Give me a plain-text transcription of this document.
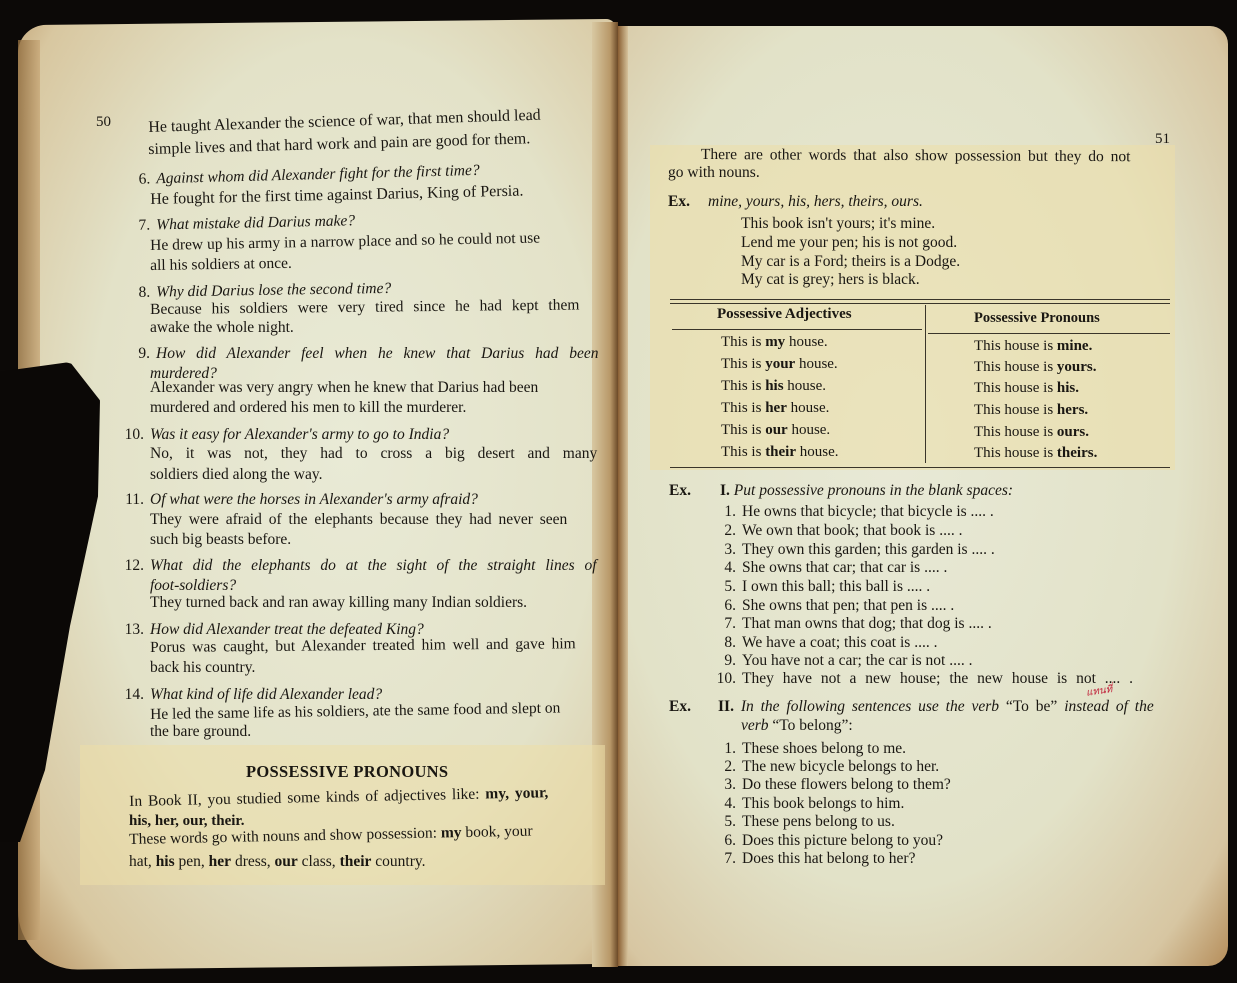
50 He taught Alexander the science of war, that men should lead
simple lives and that hard work and pain are good for them.
6. Against whom did Alexander fight for the first time?
He fought for the first time against Darius, King of Persia.
7. What mistake did Darius make?
He drew up his army in a narrow place and so he could not use
all his soldiers at once.
8. Why did Darius lose the second time?
Because his soldiers were very tired since he had kept them
awake the whole night.
9. How did Alexander feel when he knew that Darius had been
murdered?
Alexander was very angry when he knew that Darius had been
murdered and ordered his men to kill the murderer.
10. Was it easy for Alexander's army to go to India?
No, it was not, they had to cross a big desert and many
soldiers died along the way.
11. Of what were the horses in Alexander's army afraid?
They were afraid of the elephants because they had never seen
such big beasts before.
12. What did the elephants do at the sight of the straight lines of
foot-soldiers?
They turned back and ran away killing many Indian soldiers.
13. How did Alexander treat the defeated King?
Porus was caught, but Alexander treated him well and gave him
back his country.
14. What kind of life did Alexander lead?
He led the same life as his soldiers, ate the same food and slept on
the bare ground.
POSSESSIVE PRONOUNS
In Book II, you studied some kinds of adjectives like: my, your,
his, her, our, their.
These words go with nouns and show possession: my book, your
hat, his pen, her dress, our class, their country.
51
There are other words that also show possession but they do not
go with nouns.
Ex. mine, yours, his, hers, theirs, ours.
This book isn't yours; it's mine.
Lend me your pen; his is not good.
My car is a Ford; theirs is a Dodge.
My cat is grey; hers is black.
Possessive Adjectives	Possessive Pronouns
This is my house.	This house is mine.
This is your house.	This house is yours.
This is his house.	This house is his.
This is her house.	This house is hers.
This is our house.	This house is ours.
This is their house.	This house is theirs.
Ex. I. Put possessive pronouns in the blank spaces:
1. He owns that bicycle; that bicycle is .... .
2. We own that book; that book is .... .
3. They own this garden; this garden is .... .
4. She owns that car; that car is .... .
5. I own this ball; this ball is .... .
6. She owns that pen; that pen is .... .
7. That man owns that dog; that dog is .... .
8. We have a coat; this coat is .... .
9. You have not a car; the car is not .... .
10. They have not a new house; the new house is not .... .
แทนที่
Ex. II. In the following sentences use the verb “To be” instead of the
verb “To belong”:
1. These shoes belong to me.
2. The new bicycle belongs to her.
3. Do these flowers belong to them?
4. This book belongs to him.
5. These pens belong to us.
6. Does this picture belong to you?
7. Does this hat belong to her?
